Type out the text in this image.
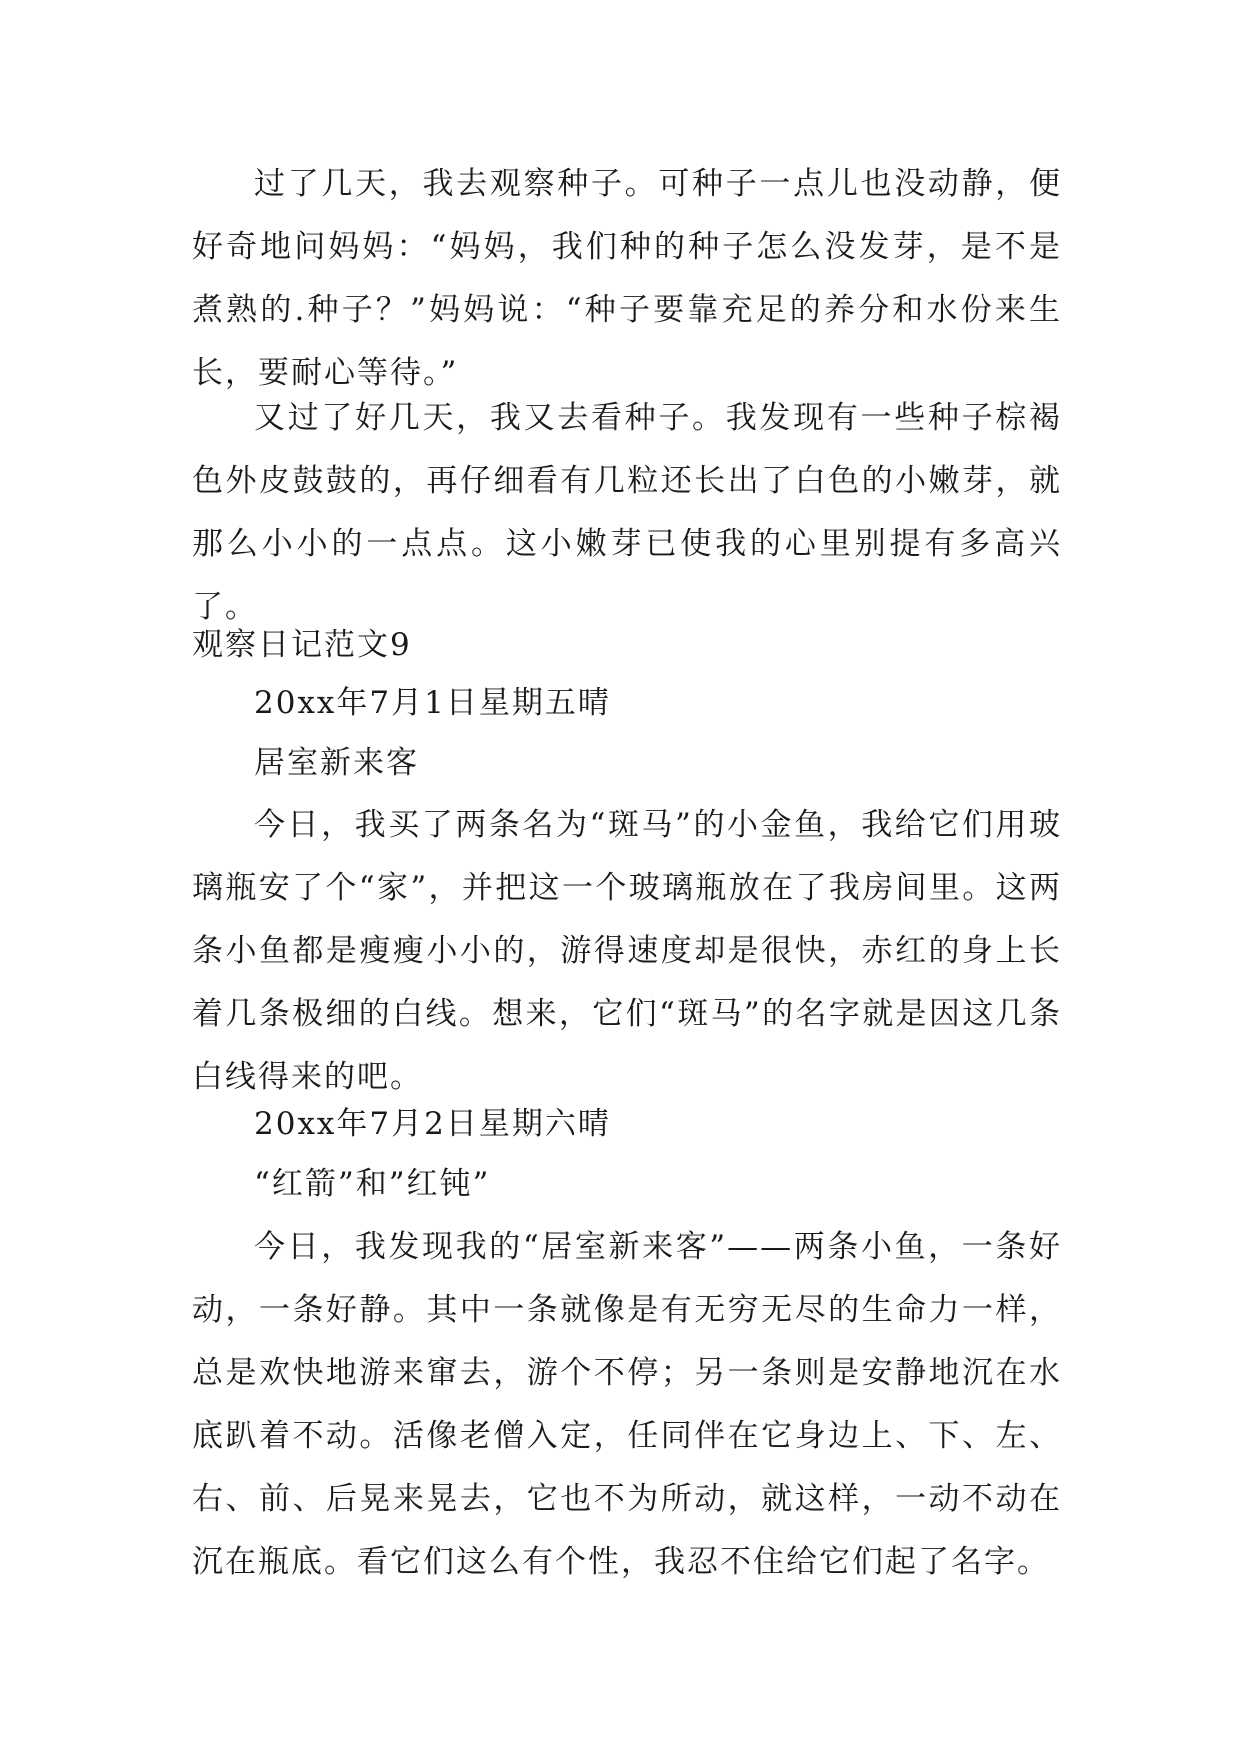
过了几天，我去观察种子。可种子一点儿也没动静，便好奇地问妈妈：“妈妈，我们种的种子怎么没发芽，是不是煮熟的.种子？”妈妈说：“种子要靠充足的养分和水份来生长，要耐心等待。”

又过了好几天，我又去看种子。我发现有一些种子棕褐色外皮鼓鼓的，再仔细看有几粒还长出了白色的小嫩芽，就那么小小的一点点。这小嫩芽已使我的心里别提有多高兴了。

观察日记范文9

20xx年7月1日星期五晴

居室新来客

今日，我买了两条名为“斑马”的小金鱼，我给它们用玻璃瓶安了个“家”，并把这一个玻璃瓶放在了我房间里。这两条小鱼都是瘦瘦小小的，游得速度却是很快，赤红的身上长着几条极细的白线。想来，它们“斑马”的名字就是因这几条白线得来的吧。

20xx年7月2日星期六晴

“红箭”和”红钝”

今日，我发现我的“居室新来客”——两条小鱼，一条好动，一条好静。其中一条就像是有无穷无尽的生命力一样，总是欢快地游来窜去，游个不停；另一条则是安静地沉在水底趴着不动。活像老僧入定，任同伴在它身边上、下、左、右、前、后晃来晃去，它也不为所动，就这样，一动不动在沉在瓶底。看它们这么有个性，我忍不住给它们起了名字。
